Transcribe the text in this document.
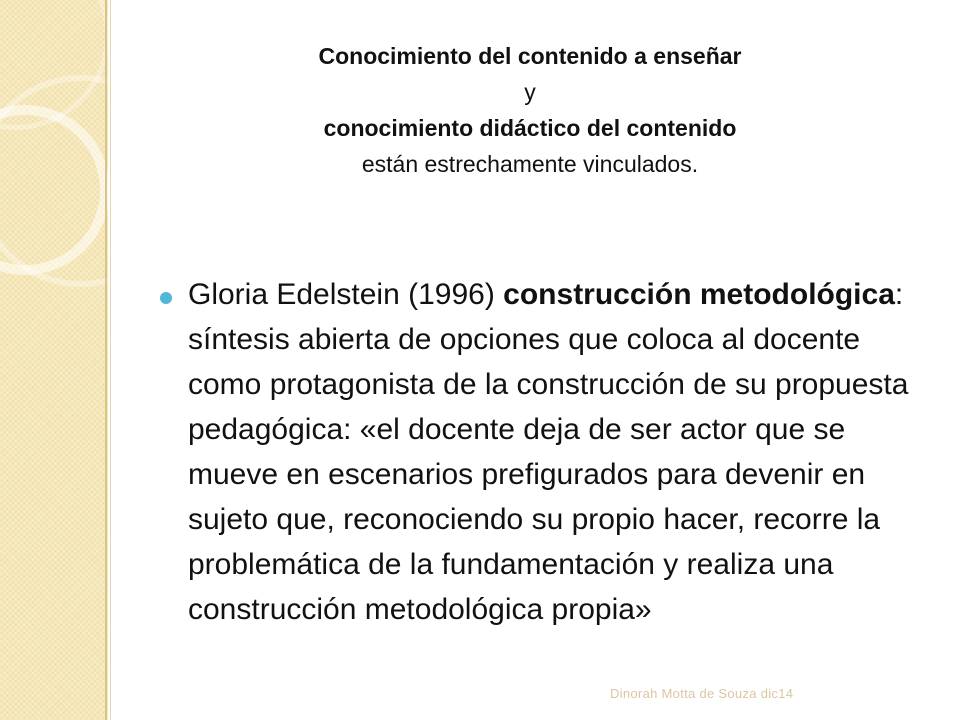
Conocimiento del contenido a enseñar
y
conocimiento didáctico del contenido
están estrechamente vinculados.
Gloria Edelstein (1996) construcción metodológica: síntesis abierta de opciones que coloca al docente como protagonista de la construcción de su propuesta pedagógica: «el docente deja de ser actor que se mueve en escenarios prefigurados para devenir en sujeto que, reconociendo su propio hacer, recorre la problemática de la fundamentación y realiza una construcción metodológica propia»
Dinorah Motta de Souza dic14
